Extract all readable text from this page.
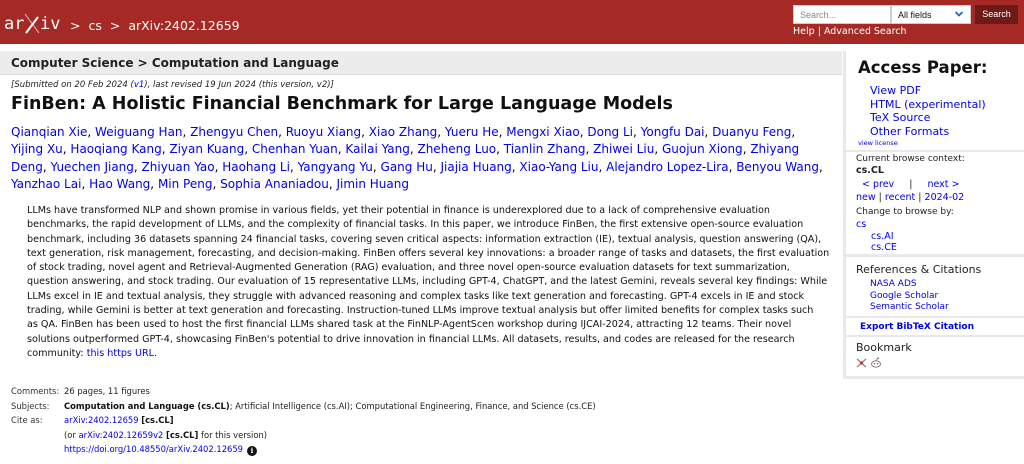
ar iv > cs > arXiv:2402.12659
Search...	All fields	Search
Help | Advanced Search
Computer Science > Computation and Language
[Submitted on 20 Feb 2024 (v1), last revised 19 Jun 2024 (this version, v2)]
FinBen: A Holistic Financial Benchmark for Large Language Models
Qianqian Xie, Weiguang Han, Zhengyu Chen, Ruoyu Xiang, Xiao Zhang, Yueru He, Mengxi Xiao, Dong Li, Yongfu Dai, Duanyu Feng, Yijing Xu, Haoqiang Kang, Ziyan Kuang, Chenhan Yuan, Kailai Yang, Zheheng Luo, Tianlin Zhang, Zhiwei Liu, Guojun Xiong, Zhiyang Deng, Yuechen Jiang, Zhiyuan Yao, Haohang Li, Yangyang Yu, Gang Hu, Jiajia Huang, Xiao-Yang Liu, Alejandro Lopez-Lira, Benyou Wang, Yanzhao Lai, Hao Wang, Min Peng, Sophia Ananiadou, Jimin Huang
LLMs have transformed NLP and shown promise in various fields, yet their potential in finance is underexplored due to a lack of comprehensive evaluation
benchmarks, the rapid development of LLMs, and the complexity of financial tasks. In this paper, we introduce FinBen, the first extensive open-source evaluation
benchmark, including 36 datasets spanning 24 financial tasks, covering seven critical aspects: information extraction (IE), textual analysis, question answering (QA),
text generation, risk management, forecasting, and decision-making. FinBen offers several key innovations: a broader range of tasks and datasets, the first evaluation
of stock trading, novel agent and Retrieval-Augmented Generation (RAG) evaluation, and three novel open-source evaluation datasets for text summarization,
question answering, and stock trading. Our evaluation of 15 representative LLMs, including GPT-4, ChatGPT, and the latest Gemini, reveals several key findings: While
LLMs excel in IE and textual analysis, they struggle with advanced reasoning and complex tasks like text generation and forecasting. GPT-4 excels in IE and stock
trading, while Gemini is better at text generation and forecasting. Instruction-tuned LLMs improve textual analysis but offer limited benefits for complex tasks such
as QA. FinBen has been used to host the first financial LLMs shared task at the FinNLP-AgentScen workshop during IJCAI-2024, attracting 12 teams. Their novel
solutions outperformed GPT-4, showcasing FinBen's potential to drive innovation in financial LLMs. All datasets, results, and codes are released for the research
community: this https URL.
Comments: 26 pages, 11 figures
Subjects:	Computation and Language (cs.CL); Artificial Intelligence (cs.AI); Computational Engineering, Finance, and Science (cs.CE)
Cite as:	arXiv:2402.12659 [cs.CL]
(or arXiv:2402.12659v2 [cs.CL] for this version)
https://doi.org/10.48550/arXiv.2402.12659 i
Access Paper:
View PDF
HTML (experimental)
TeX Source
Other Formats
view license
Current browse context:
cs.CL
< prev | next >
new | recent | 2024-02
Change to browse by:
cs
cs.AI
cs.CE
References & Citations
NASA ADS
Google Scholar
Semantic Scholar
Export BibTeX Citation
Bookmark
